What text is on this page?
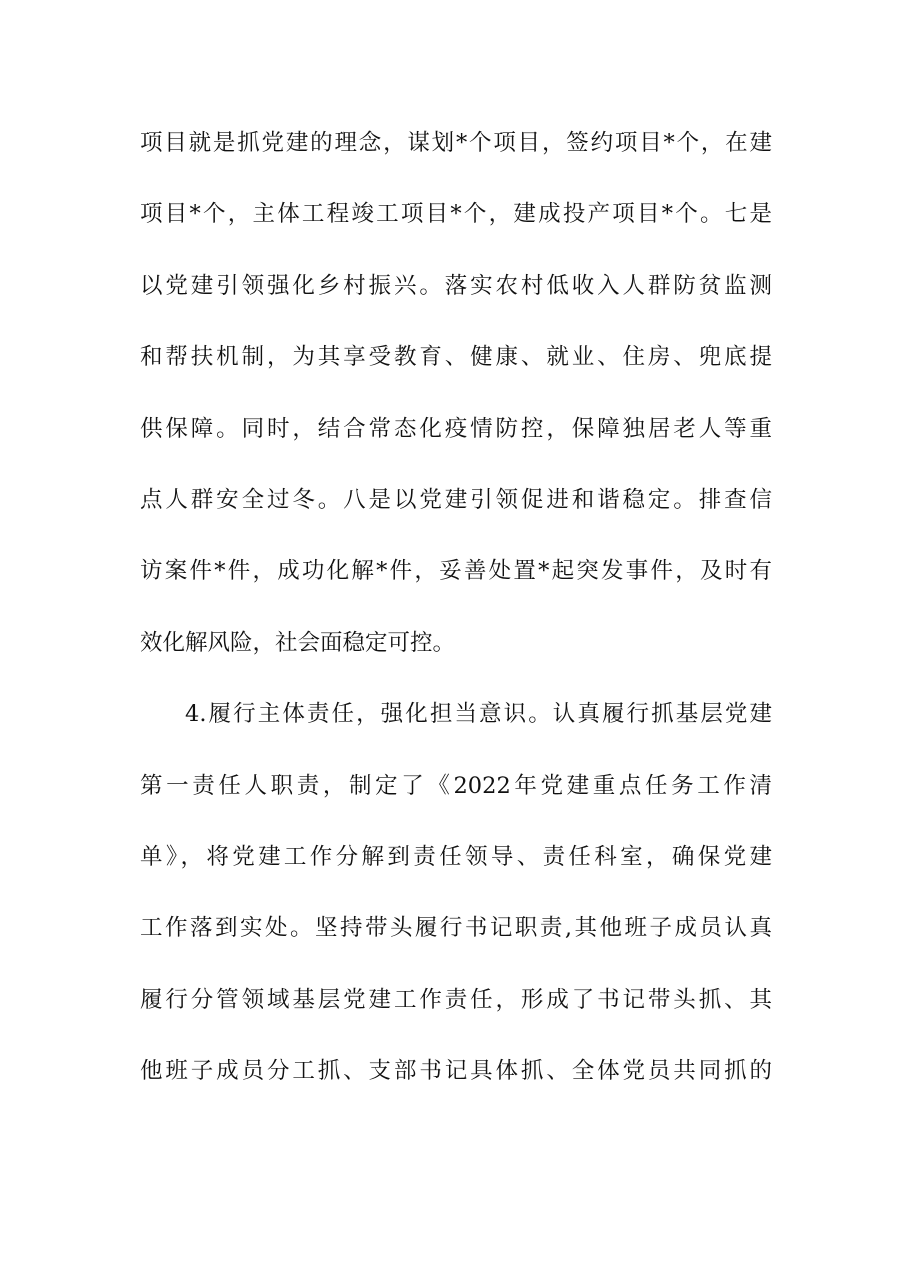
项目就是抓党建的理念，谋划*个项目，签约项目*个，在建
项目*个，主体工程竣工项目*个，建成投产项目*个。七是
以党建引领强化乡村振兴。落实农村低收入人群防贫监测
和帮扶机制，为其享受教育、健康、就业、住房、兜底提
供保障。同时，结合常态化疫情防控，保障独居老人等重
点人群安全过冬。八是以党建引领促进和谐稳定。排查信
访案件*件，成功化解*件，妥善处置*起突发事件，及时有
效化解风险，社会面稳定可控。
4.履行主体责任，强化担当意识。认真履行抓基层党建
第一责任人职责，制定了《2022年党建重点任务工作清
单》，将党建工作分解到责任领导、责任科室，确保党建
工作落到实处。坚持带头履行书记职责,其他班子成员认真
履行分管领域基层党建工作责任，形成了书记带头抓、其
他班子成员分工抓、支部书记具体抓、全体党员共同抓的
